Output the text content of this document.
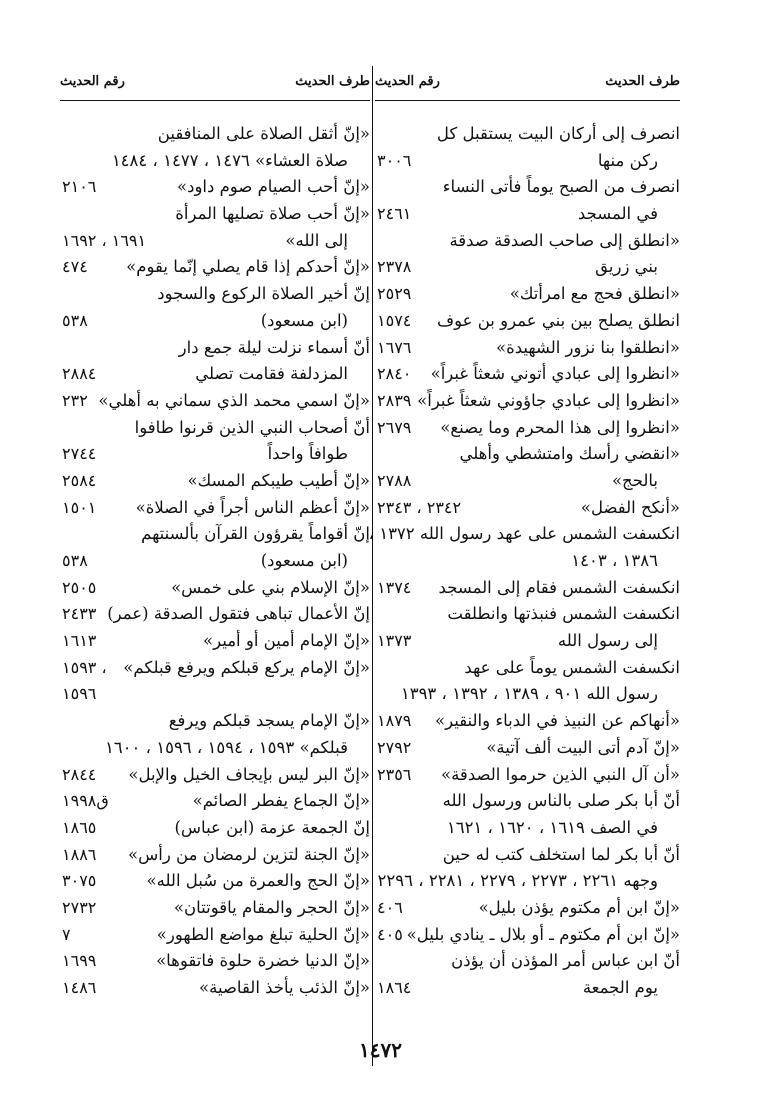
طرف الحديث
رقم الحديث
انصرف إلى أركان البيت يستقبل كل
ركن منها
٣٠٠٦
انصرف من الصبح يوماً فأتى النساء
في المسجد
٢٤٦١
«انطلق إلى صاحب الصدقة صدقة
بني زريق
٢٣٧٨
«انطلق فحج مع امرأتك»
٢٥٢٩
انطلق يصلح بين بني عمرو بن عوف
١٥٧٤
«انطلقوا بنا نزور الشهيدة»
١٦٧٦
«انظروا إلى عبادي أتوني شعثاً غبراً»
٢٨٤٠
«انظروا إلى عبادي جاؤوني شعثاً غبراً»
٢٨٣٩
«انظروا إلى هذا المحرم وما يصنع»
٢٦٧٩
«انقضي رأسك وامتشطي وأهلي
بالحج»
٢٧٨٨
«أنكح الفضل»
٢٣٤٢ ، ٢٣٤٣
انكسفت الشمس على عهد رسول الله ١٣٧٢ ،
١٣٨٦ ، ١٤٠٣
انكسفت الشمس فقام إلى المسجد
١٣٧٤
انكسفت الشمس فنبذتها وانطلقت
إلى رسول الله
١٣٧٣
انكسفت الشمس يوماً على عهد
رسول الله ٩٠١ ، ١٣٨٩ ، ١٣٩٢ ، ١٣٩٣
«أنهاكم عن النبيذ في الدباء والنقير»
١٨٧٩
«إنّ آدم أتى البيت ألف آتية»
٢٧٩٢
«أن آل النبي الذين حرموا الصدقة»
٢٣٥٦
أنّ أبا بكر صلى بالناس ورسول الله
في الصف ١٦١٩ ، ١٦٢٠ ، ١٦٢١
أنّ أبا بكر لما استخلف كتب له حين
وجهه ٢٢٦١ ، ٢٢٧٣ ، ٢٢٧٩ ، ٢٢٨١ ، ٢٢٩٦
«إنّ ابن أم مكتوم يؤذن بليل»
٤٠٦
«إنّ ابن أم مكتوم ـ أو بلال ـ ينادي بليل»
٤٠٥
أنّ ابن عباس أمر المؤذن أن يؤذن
يوم الجمعة
١٨٦٤
طرف الحديث
رقم الحديث
«إنّ أثقل الصلاة على المنافقين
صلاة العشاء» ١٤٧٦ ، ١٤٧٧ ، ١٤٨٤
«إنّ أحب الصيام صوم داود»
٢١٠٦
«إنّ أحب صلاة تصليها المرأة
إلى الله»
١٦٩١ ، ١٦٩٢
«إنّ أحدكم إذا قام يصلي إنّما يقوم»
٤٧٤
إنّ أخير الصلاة الركوع والسجود
(ابن مسعود)
٥٣٨
أنّ أسماء نزلت ليلة جمع دار
المزدلفة فقامت تصلي
٢٨٨٤
«إنّ اسمي محمد الذي سماني به أهلي»
٢٣٢
أنّ أصحاب النبي الذين قرنوا طافوا
طوافاً واحداً
٢٧٤٤
«إنّ أطيب طيبكم المسك»
٢٥٨٤
«إنّ أعظم الناس أجراً في الصلاة»
١٥٠١
إنّ أقواماً يقرؤون القرآن بألسنتهم
(ابن مسعود)
٥٣٨
«إنّ الإسلام بني على خمس»
٢٥٠٥
إنّ الأعمال تباهى فتقول الصدقة (عمر)
٢٤٣٣
«إنّ الإمام أمين أو أمير»
١٦١٣
«إنّ الإمام يركع قبلكم ويرفع قبلكم»
١٥٩٣ ،
١٥٩٦
«إنّ الإمام يسجد قبلكم ويرفع
قبلكم» ١٥٩٣ ، ١٥٩٤ ، ١٥٩٦ ، ١٦٠٠
«إنّ البر ليس بإيجاف الخيل والإبل»
٢٨٤٤
«إنّ الجماع يفطر الصائم»
ق١٩٩٨
إنّ الجمعة عزمة (ابن عباس)
١٨٦٥
«إنّ الجنة لتزين لرمضان من رأس»
١٨٨٦
«إنّ الحج والعمرة من سُبل الله»
٣٠٧٥
«إنّ الحجر والمقام ياقوتتان»
٢٧٣٢
«إنّ الحلية تبلغ مواضع الطهور»
٧
«إنّ الدنيا خضرة حلوة فاتقوها»
١٦٩٩
«إنّ الذئب يأخذ القاصية»
١٤٨٦
١٤٧٢
